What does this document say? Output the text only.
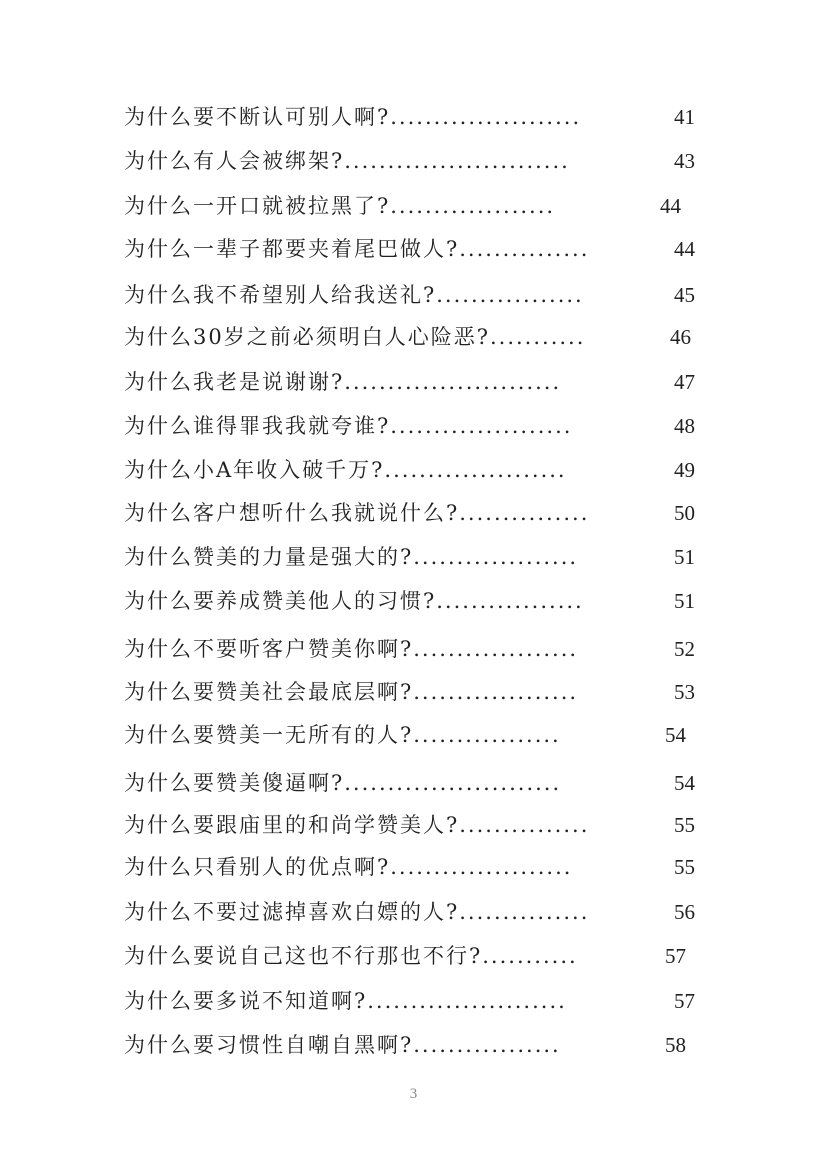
为什么要不断认可别人啊?......................	41
为什么有人会被绑架?..........................	43
为什么一开口就被拉黑了?...................	44
为什么一辈子都要夹着尾巴做人?...............	44
为什么我不希望别人给我送礼?.................	45
为什么30岁之前必须明白人心险恶?...........	46
为什么我老是说谢谢?.........................	47
为什么谁得罪我我就夸谁?.....................	48
为什么小A年收入破千万?.....................	49
为什么客户想听什么我就说什么?...............	50
为什么赞美的力量是强大的?...................	51
为什么要养成赞美他人的习惯?.................	51
为什么不要听客户赞美你啊?...................	52
为什么要赞美社会最底层啊?...................	53
为什么要赞美一无所有的人?.................	54
为什么要赞美傻逼啊?.........................	54
为什么要跟庙里的和尚学赞美人?...............	55
为什么只看别人的优点啊?.....................	55
为什么不要过滤掉喜欢白嫖的人?...............	56
为什么要说自己这也不行那也不行?...........	57
为什么要多说不知道啊?.......................	57
为什么要习惯性自嘲自黑啊?.................	58
3
